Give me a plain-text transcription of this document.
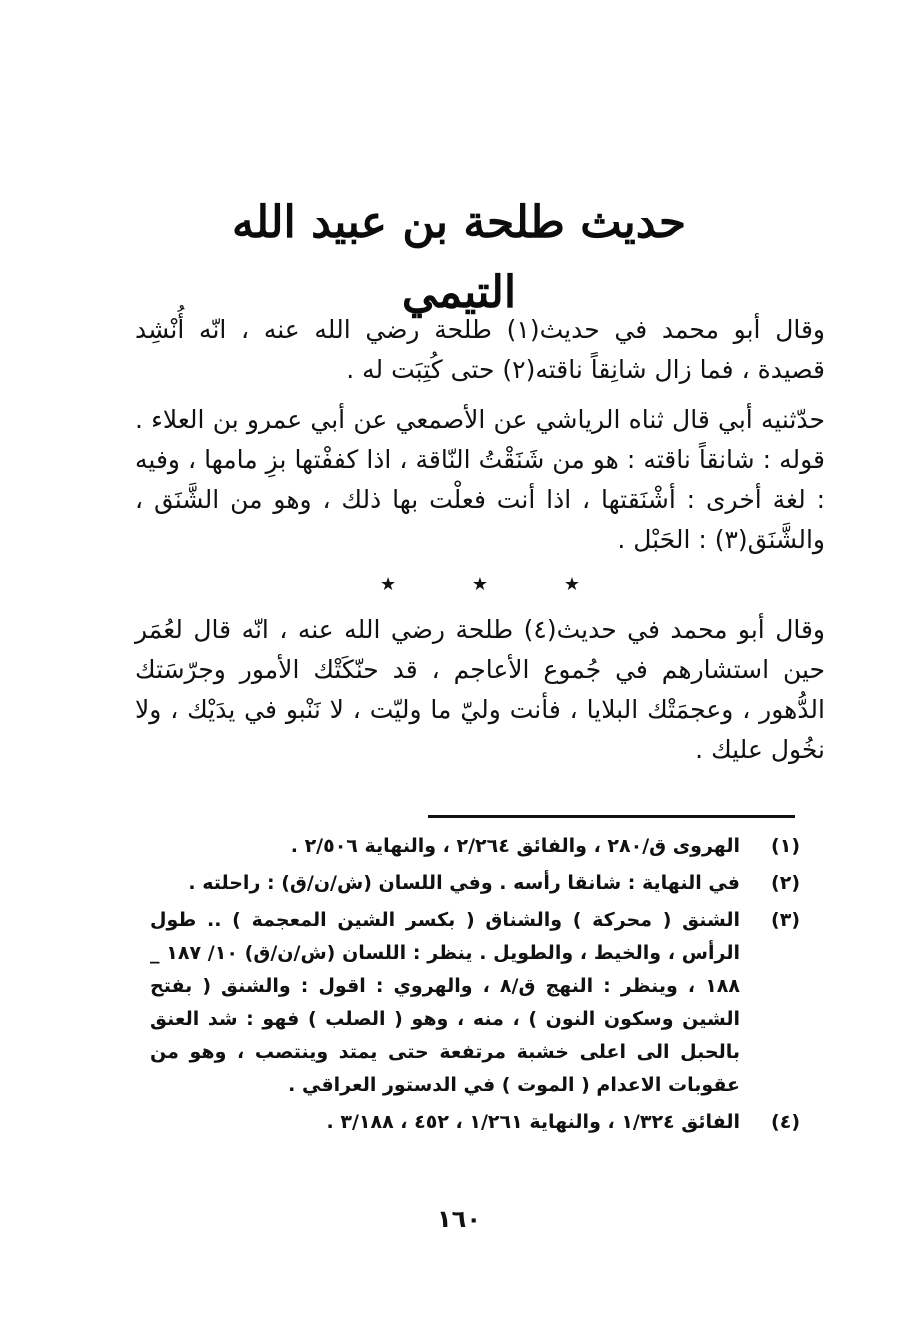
حديث طلحة بن عبيد الله التيمي
وقال أبو محمد في حديث(١) طلحة رضي الله عنه ، انّه أُنْشِد قصيدة ، فما زال شانِقاً ناقته(٢) حتى كُتِبَت له .
حدّثنيه أبي قال ثناه الرياشي عن الأصمعي عن أبي عمرو بن العلاء . قوله : شانقاً ناقته : هو من شَنَقْتُ النّاقة ، اذا كففْتها بزِ مامها ، وفيه : لغة أخرى : أشْنَقتها ، اذا أنت فعلْت بها ذلك ، وهو من الشَّنَق ، والشَّنَق(٣) : الحَبْل .
★	★	★
وقال أبو محمد في حديث(٤) طلحة رضي الله عنه ، انّه قال لعُمَر حين استشارهم في جُموع الأعاجم ، قد حنّكَتْك الأمور وجرّسَتك الدُّهور ، وعجمَتْك البلايا ، فأنت وليّ ما وليّت ، لا نَنْبو في يدَيْك ، ولا نخُول عليك .
(١)
الهروى ق/٢٨٠ ، والفائق ٢/٢٦٤ ، والنهاية ٢/٥٠٦ .
(٢)
في النهاية : شانقا رأسه . وفي اللسان (ش/ن/ق) : راحلته .
(٣)
الشنق ( محركة ) والشناق ( بكسر الشين المعجمة ) .. طول الرأس ، والخيط ، والطويل . ينظر : اللسان (ش/ن/ق) ١٠/ ١٨٧ _ ١٨٨ ، وينظر : النهج ق/٨ ، والهروي : اقول : والشنق ( بفتح الشين وسكون النون ) ، منه ، وهو ( الصلب ) فهو : شد العنق بالحبل الى اعلى خشبة مرتفعة حتى يمتد وينتصب ، وهو من عقوبات الاعدام ( الموت ) في الدستور العراقي .
(٤)
الفائق ١/٣٢٤ ، والنهاية ١/٢٦١ ، ٤٥٢ ، ٣/١٨٨ .
١٦٠
